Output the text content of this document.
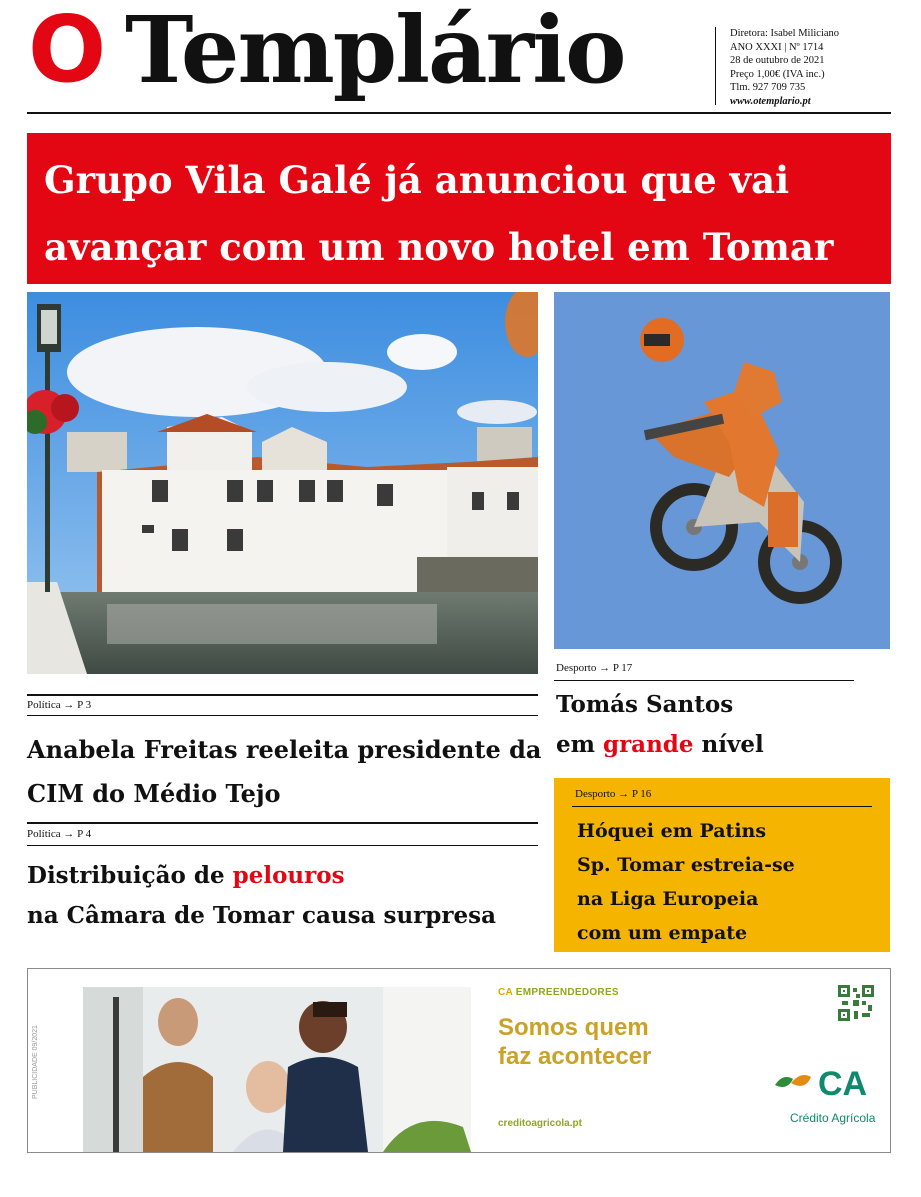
O Templário	Diretora: Isabel Miliciano
ANO XXXI | Nº 1714
28 de outubro de 2021
Preço 1,00€ (IVA inc.)
Tlm. 927 709 735
www.otemplario.pt
Grupo Vila Galé já anunciou que vai avançar com um novo hotel em Tomar
Política → P 3
Anabela Freitas reeleita presidente da CIM do Médio Tejo
Política → P 4
Distribuição de pelouros
na Câmara de Tomar causa surpresa
Desporto → P 17
Tomás Santos
em grande nível
Desporto → P 16
Hóquei em Patins
Sp. Tomar estreia-se
na Liga Europeia
com um empate
PUBLICIDADE 09/2021
CA EMPREENDEDORES
Somos quem
faz acontecer
creditoagricola.pt
CA
Crédito Agrícola
